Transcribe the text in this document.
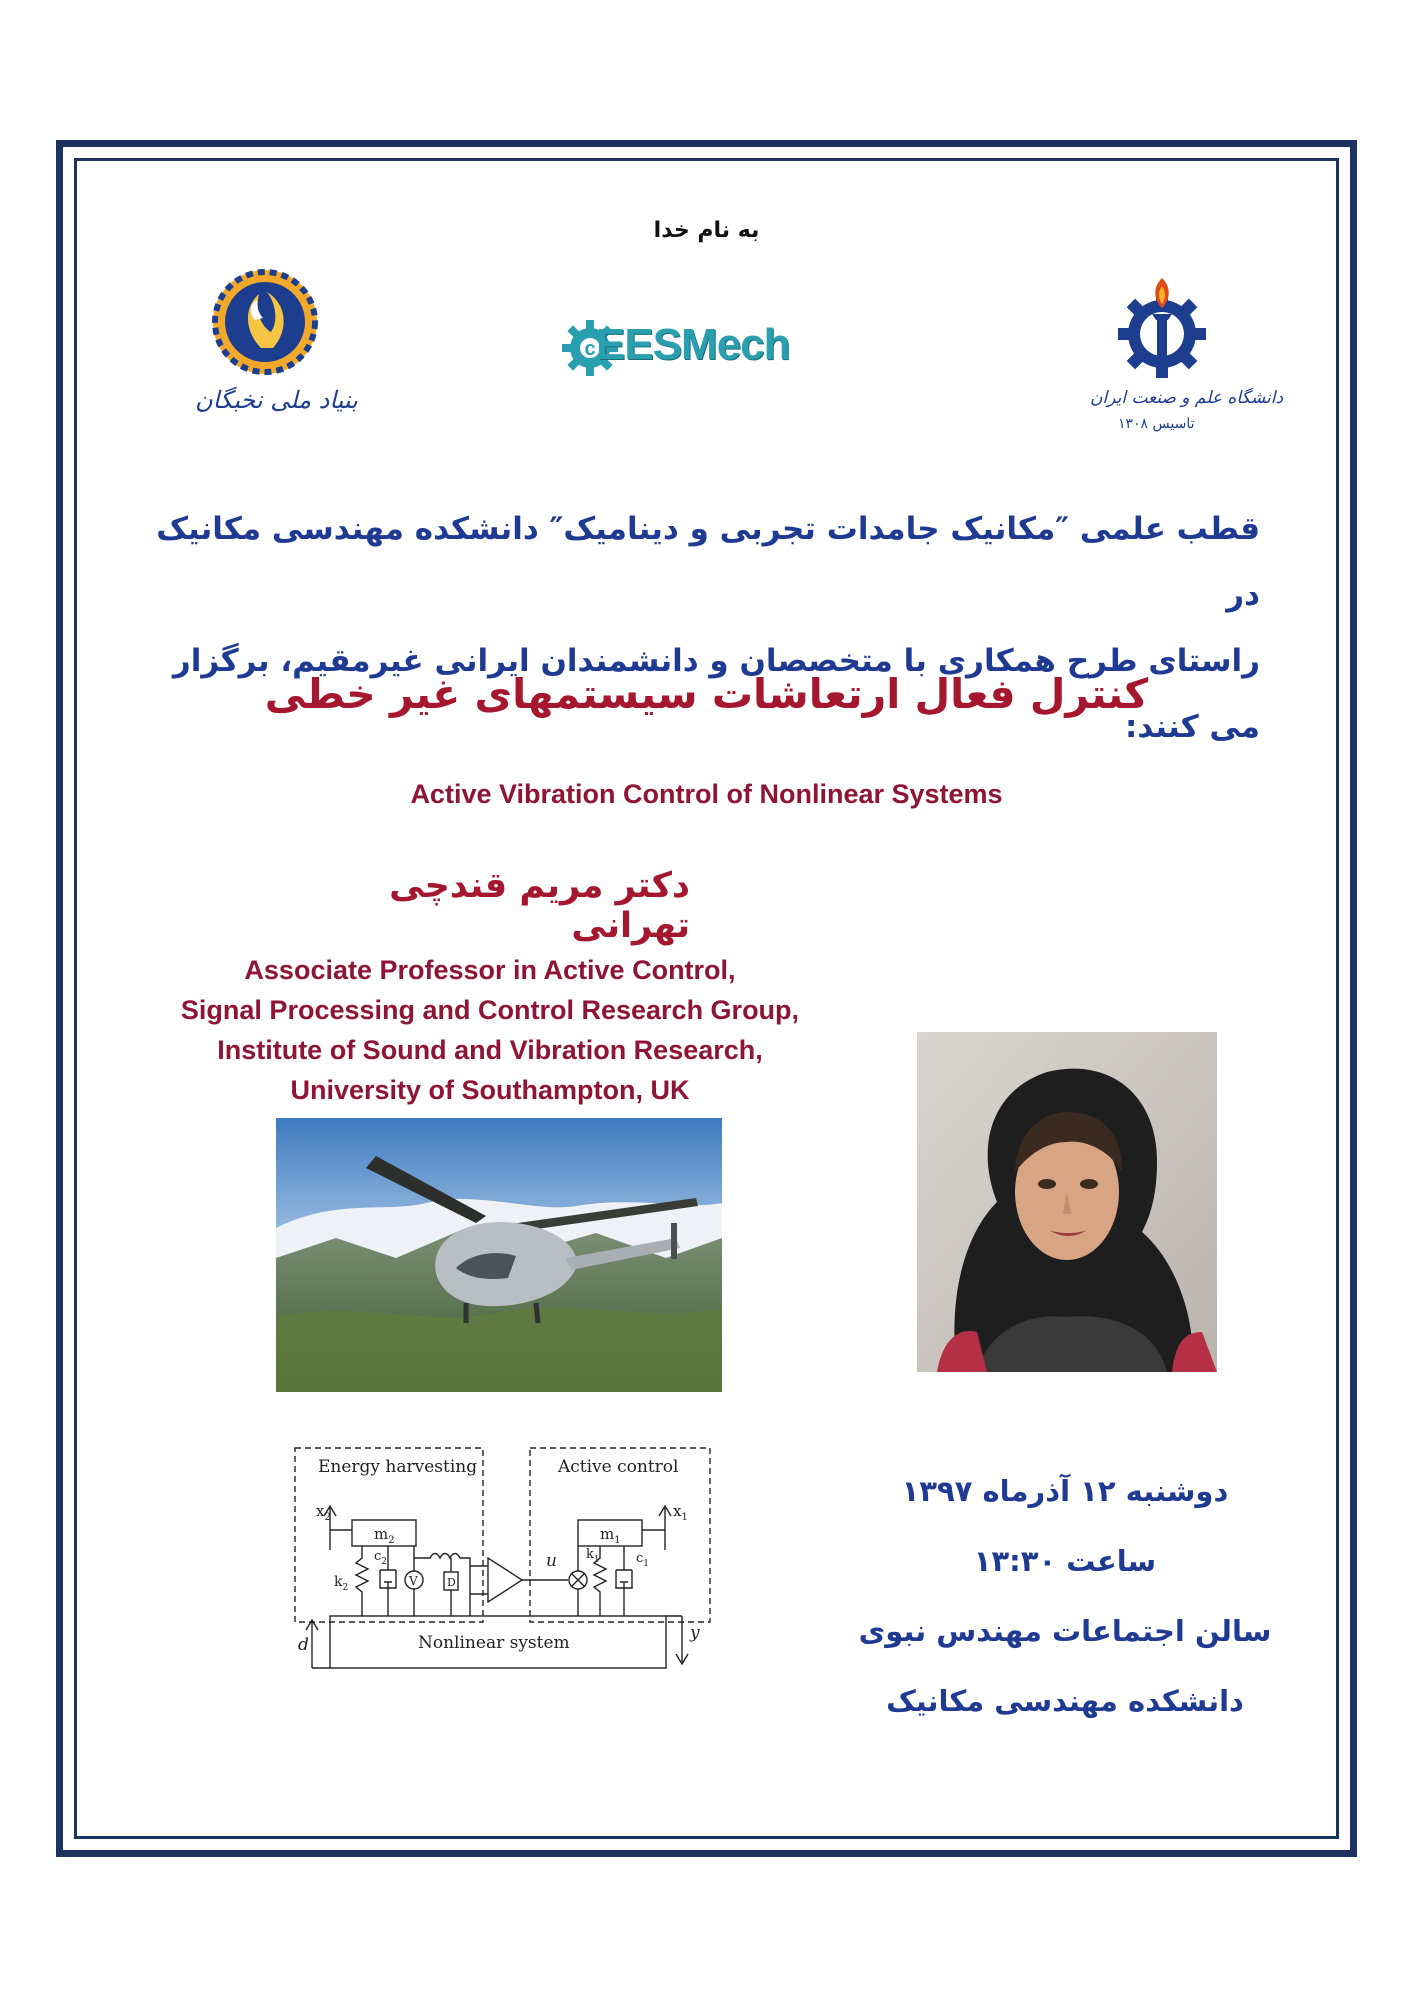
به نام خدا
بنیاد ملی نخبگان
c EESMech
دانشگاه علم و صنعت ایران
تاسیس ۱۳۰۸
قطب علمی ″مکانیک جامدات تجربی و دینامیک″ دانشکده مهندسی مکانیک در
راستای طرح همکاری با متخصصان و دانشمندان ایرانی غیرمقیم، برگزار می کنند:
کنترل فعال ارتعاشات سیستمهای غیر خطی
Active Vibration Control of Nonlinear Systems
دکتر مریم قندچی تهرانی
Associate Professor in Active Control,
Signal Processing and Control Research Group,
Institute of Sound and Vibration Research,
University of Southampton, UK
Energy harvesting	Active control
$m_2$	$m_1$
$x_2$	$x_1$
$k_2$
$c_2$
V	D
u $k_1$	$c_1$
Nonlinear system
d
y
دوشنبه ۱۲ آذرماه ۱۳۹۷
ساعت ۱۳:۳۰
سالن اجتماعات مهندس نبوی
دانشکده مهندسی مکانیک
